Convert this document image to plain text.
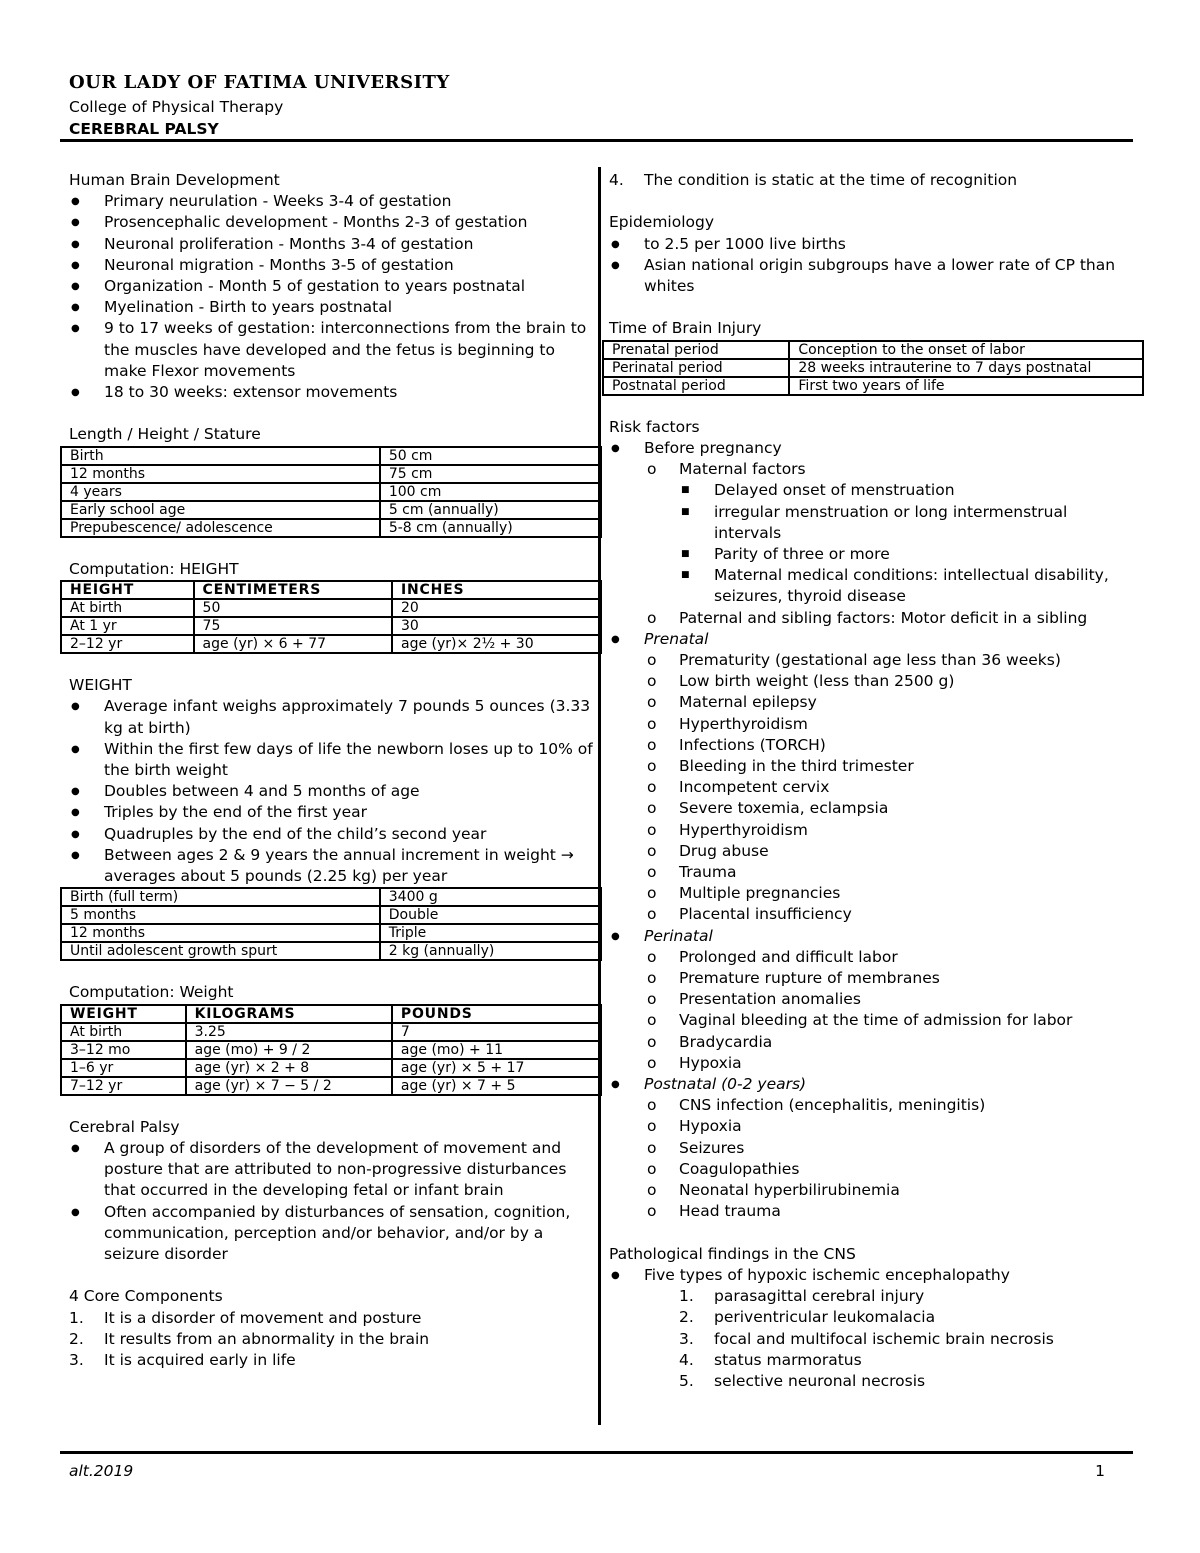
OUR LADY OF FATIMA UNIVERSITY
College of Physical Therapy
CEREBRAL PALSY
Human Brain Development
● Primary neurulation - Weeks 3-4 of gestation
● Prosencephalic development - Months 2-3 of gestation
● Neuronal proliferation - Months 3-4 of gestation
● Neuronal migration - Months 3-5 of gestation
● Organization - Month 5 of gestation to years postnatal
● Myelination - Birth to years postnatal
● 9 to 17 weeks of gestation: interconnections from the brain to the muscles have developed and the fetus is beginning to make Flexor movements
● 18 to 30 weeks: extensor movements
Length / Height / Stature
Birth	50 cm
12 months	75 cm
4 years	100 cm
Early school age	5 cm (annually)
Prepubescence/ adolescence	5-8 cm (annually)
Computation: HEIGHT
HEIGHT	CENTIMETERS	INCHES
At birth	50	20
At 1 yr	75	30
2–12 yr	age (yr) × 6 + 77	age (yr)× 2½ + 30
WEIGHT
● Average infant weighs approximately 7 pounds 5 ounces (3.33 kg at birth)
● Within the first few days of life the newborn loses up to 10% of the birth weight
● Doubles between 4 and 5 months of age
● Triples by the end of the first year
● Quadruples by the end of the child’s second year
● Between ages 2 & 9 years the annual increment in weight → averages about 5 pounds (2.25 kg) per year
Birth (full term)	3400 g
5 months	Double
12 months	Triple
Until adolescent growth spurt	2 kg (annually)
Computation: Weight
WEIGHT	KILOGRAMS	POUNDS
At birth	3.25	7
3–12 mo	age (mo) + 9 / 2	age (mo) + 11
1–6 yr	age (yr) × 2 + 8	age (yr) × 5 + 17
7–12 yr	age (yr) × 7 − 5 / 2	age (yr) × 7 + 5
Cerebral Palsy
● A group of disorders of the development of movement and posture that are attributed to non-progressive disturbances that occurred in the developing fetal or infant brain
● Often accompanied by disturbances of sensation, cognition, communication, perception and/or behavior, and/or by a seizure disorder
4 Core Components
1. It is a disorder of movement and posture
2. It results from an abnormality in the brain
3. It is acquired early in life
4. The condition is static at the time of recognition
Epidemiology
● to 2.5 per 1000 live births
● Asian national origin subgroups have a lower rate of CP than whites
Time of Brain Injury
Prenatal period	Conception to the onset of labor
Perinatal period	28 weeks intrauterine to 7 days postnatal
Postnatal period	First two years of life
Risk factors
● Before pregnancy
o Maternal factors
■ Delayed onset of menstruation
■ irregular menstruation or long intermenstrual intervals
■ Parity of three or more
■ Maternal medical conditions: intellectual disability, seizures, thyroid disease
o Paternal and sibling factors: Motor deficit in a sibling
● Prenatal
o Prematurity (gestational age less than 36 weeks)
o Low birth weight (less than 2500 g)
o Maternal epilepsy
o Hyperthyroidism
o Infections (TORCH)
o Bleeding in the third trimester
o Incompetent cervix
o Severe toxemia, eclampsia
o Hyperthyroidism
o Drug abuse
o Trauma
o Multiple pregnancies
o Placental insufficiency
● Perinatal
o Prolonged and difficult labor
o Premature rupture of membranes
o Presentation anomalies
o Vaginal bleeding at the time of admission for labor
o Bradycardia
o Hypoxia
● Postnatal (0-2 years)
o CNS infection (encephalitis, meningitis)
o Hypoxia
o Seizures
o Coagulopathies
o Neonatal hyperbilirubinemia
o Head trauma
Pathological findings in the CNS
● Five types of hypoxic ischemic encephalopathy
1. parasagittal cerebral injury
2. periventricular leukomalacia
3. focal and multifocal ischemic brain necrosis
4. status marmoratus
5. selective neuronal necrosis
alt.2019	1
